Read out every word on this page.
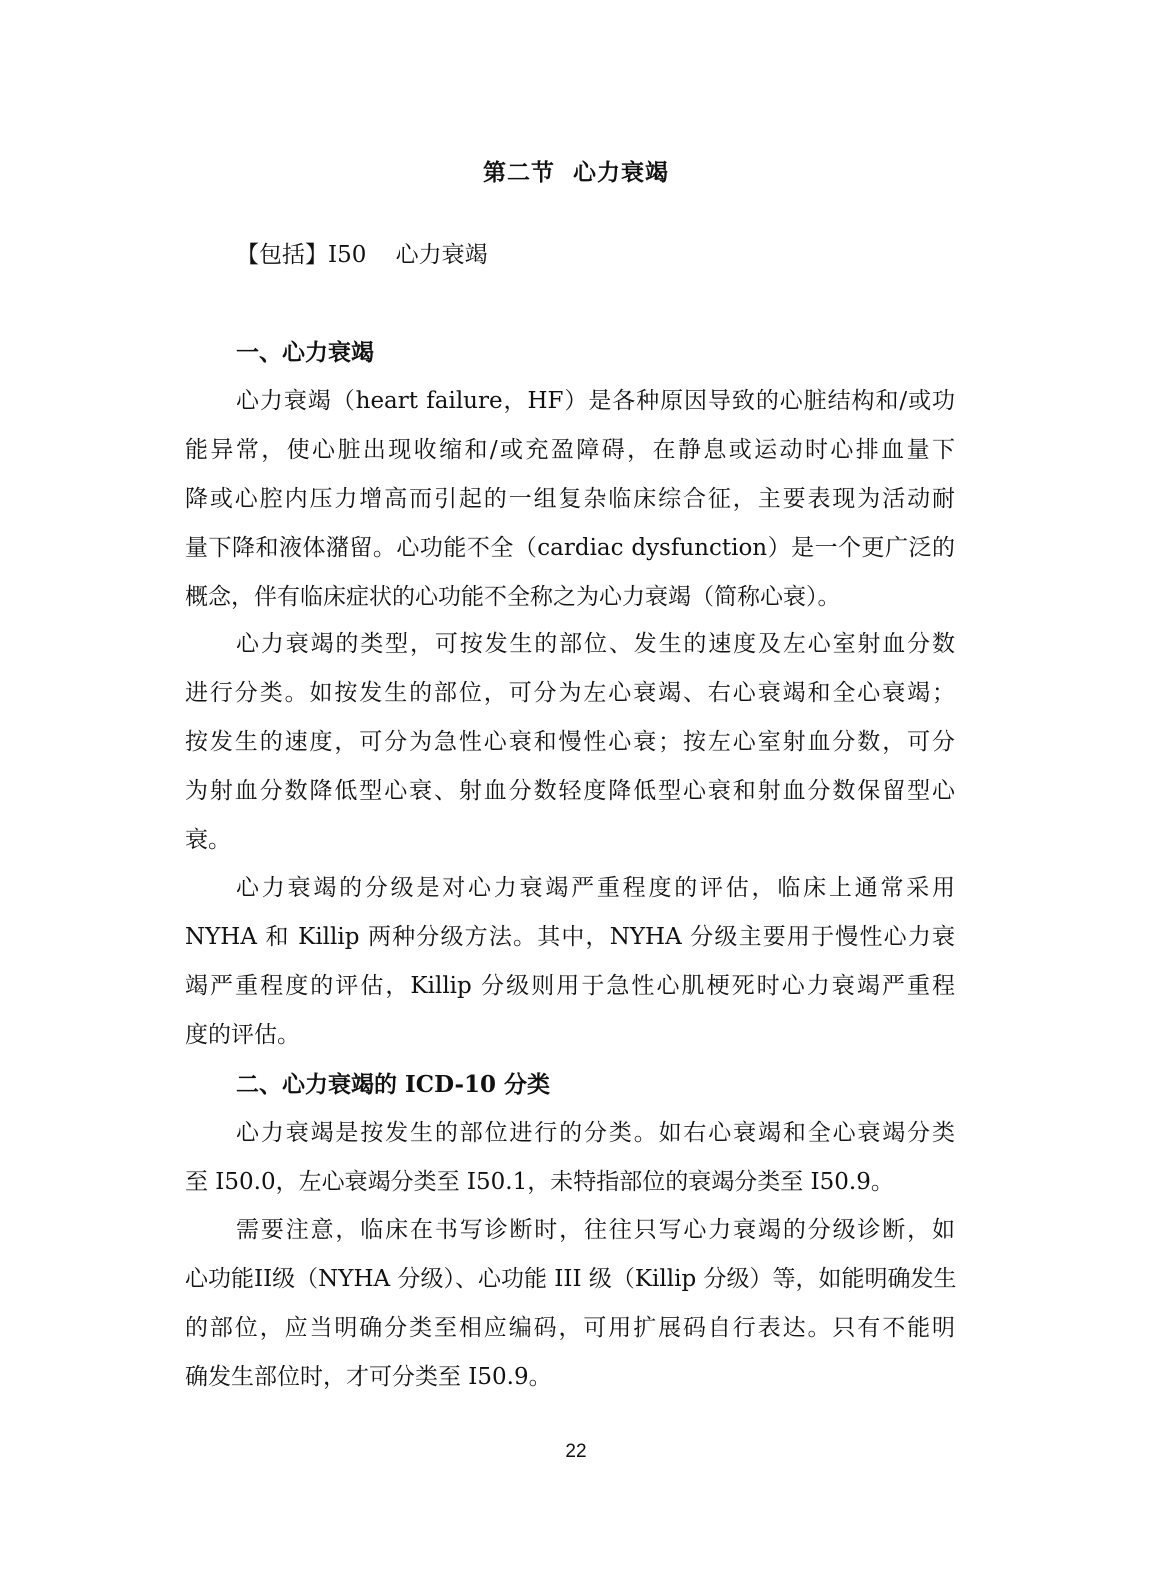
第二节  心力衰竭
【包括】I50    心力衰竭
一、心力衰竭
心力衰竭（heart failure，HF）是各种原因导致的心脏结构和/或功
能异常，使心脏出现收缩和/或充盈障碍，在静息或运动时心排血量下
降或心腔内压力增高而引起的一组复杂临床综合征，主要表现为活动耐
量下降和液体潴留。心功能不全（cardiac dysfunction）是一个更广泛的
概念，伴有临床症状的心功能不全称之为心力衰竭（简称心衰）。
心力衰竭的类型，可按发生的部位、发生的速度及左心室射血分数
进行分类。如按发生的部位，可分为左心衰竭、右心衰竭和全心衰竭；
按发生的速度，可分为急性心衰和慢性心衰；按左心室射血分数，可分
为射血分数降低型心衰、射血分数轻度降低型心衰和射血分数保留型心
衰。
心力衰竭的分级是对心力衰竭严重程度的评估，临床上通常采用
NYHA 和 Killip 两种分级方法。其中，NYHA 分级主要用于慢性心力衰
竭严重程度的评估，Killip 分级则用于急性心肌梗死时心力衰竭严重程
度的评估。
二、心力衰竭的 ICD-10 分类
心力衰竭是按发生的部位进行的分类。如右心衰竭和全心衰竭分类
至 I50.0，左心衰竭分类至 I50.1，未特指部位的衰竭分类至 I50.9。
需要注意，临床在书写诊断时，往往只写心力衰竭的分级诊断，如
心功能II级（NYHA 分级）、心功能 III 级（Killip 分级）等，如能明确发生
的部位，应当明确分类至相应编码，可用扩展码自行表达。只有不能明
确发生部位时，才可分类至 I50.9。
22
